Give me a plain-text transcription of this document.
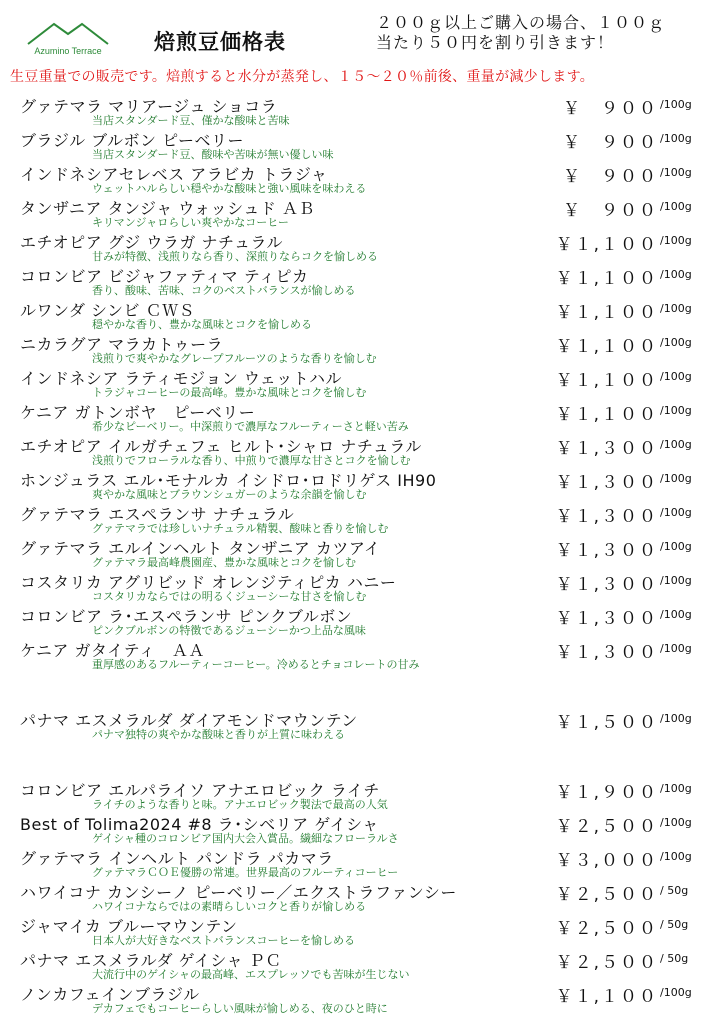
Azumino Terrace	焙煎豆価格表
２００ｇ以上ご購入の場合、１００ｇ
当たり５０円を割り引きます！
生豆重量での販売です。焙煎すると水分が蒸発し、１５～２０％前後、重量が減少します。
グァテマラ マリアージュ ショコラ
当店スタンダード豆、僅かな酸味と苦味
￥　９００ /100g
ブラジル ブルボン ピーベリー
当店スタンダード豆、酸味や苦味が無い優しい味
￥　９００ /100g
インドネシアセレベス アラビカ トラジャ
ウェットハルらしい穏やかな酸味と強い風味を味わえる
￥　９００ /100g
タンザニア タンジャ ウォッシュド ＡＢ
キリマンジャロらしい爽やかなコーヒー
￥　９００ /100g
エチオピア グジ ウラガ ナチュラル
甘みが特徴、浅煎りなら香り、深煎りならコクを愉しめる
￥１,１００ /100g
コロンビア ビジャファティマ ティピカ
香り、酸味、苦味、コクのベストバランスが愉しめる
￥１,１００ /100g
ルワンダ シンビ ＣＷＳ
穏やかな香り、豊かな風味とコクを愉しめる
￥１,１００ /100g
ニカラグア マラカトゥーラ
浅煎りで爽やかなグレープフルーツのような香りを愉しむ
￥１,１００ /100g
インドネシア ラティモジョン ウェットハル
トラジャコーヒーの最高峰。豊かな風味とコクを愉しむ
￥１,１００ /100g
ケニア ガトンボヤ　ピーベリー
希少なピーベリー。中深煎りで濃厚なフルーティーさと軽い苦み
￥１,１００ /100g
エチオピア イルガチェフェ ヒルト･シャロ ナチュラル
浅煎りでフローラルな香り、中煎りで濃厚な甘さとコクを愉しむ
￥１,３００ /100g
ホンジュラス エル･モナルカ イシドロ･ロドリゲス IH90
爽やかな風味とブラウンシュガーのような余韻を愉しむ
￥１,３００ /100g
グァテマラ エスペランサ ナチュラル
グァテマラでは珍しいナチュラル精製、酸味と香りを愉しむ
￥１,３００ /100g
グァテマラ エルインヘルト タンザニア カツアイ
グァテマラ最高峰農園産、豊かな風味とコクを愉しむ
￥１,３００ /100g
コスタリカ アグリビッド オレンジティピカ ハニー
コスタリカならではの明るくジューシーな甘さを愉しむ
￥１,３００ /100g
コロンビア ラ･エスペランサ ピンクブルボン
ピンクブルボンの特徴であるジューシーかつ上品な風味
￥１,３００ /100g
ケニア ガタイティ　ＡＡ
重厚感のあるフルーティーコーヒー。冷めるとチョコレートの甘み
￥１,３００ /100g
パナマ エスメラルダ ダイアモンドマウンテン
パナマ独特の爽やかな酸味と香りが上質に味わえる
￥１,５００ /100g
コロンビア エルパライソ アナエロビック ライチ
ライチのような香りと味。アナエロビック製法で最高の人気
￥１,９００ /100g
Best of Tolima2024 #8 ラ･シベリア ゲイシャ
ゲイシャ種のコロンビア国内大会入賞品。繊細なフローラルさ
￥２,５００ /100g
グァテマラ インヘルト パンドラ パカマラ
グァテマラＣＯＥ優勝の常連。世界最高のフルーティコーヒー
￥３,０００ /100g
ハワイコナ カンシーノ ピーベリー／エクストラファンシー
ハワイコナならではの素晴らしいコクと香りが愉しめる
￥２,５００ / 50g
ジャマイカ ブルーマウンテン
日本人が大好きなベストバランスコーヒーを愉しめる
￥２,５００ / 50g
パナマ エスメラルダ ゲイシャ ＰＣ
大流行中のゲイシャの最高峰、エスプレッソでも苦味が生じない
￥２,５００ / 50g
ノンカフェインブラジル
デカフェでもコーヒーらしい風味が愉しめる、夜のひと時に
￥１,１００ /100g
